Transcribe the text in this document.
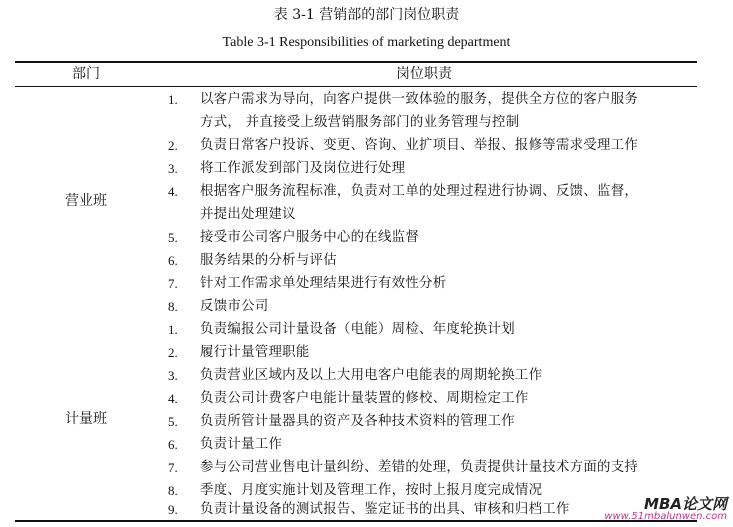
表 3-1 营销部的部门岗位职责
Table 3-1 Responsibilities of marketing department
部门	岗位职责
营业班
1. 以客户需求为导向，向客户提供一致体验的服务，提供全方位的客户服务
方式， 并直接受上级营销服务部门的业务管理与控制
2. 负责日常客户投诉、变更、咨询、业扩项目、举报、报修等需求受理工作
3. 将工作派发到部门及岗位进行处理
4. 根据客户服务流程标准，负责对工单的处理过程进行协调、反馈、监督，
并提出处理建议
5. 接受市公司客户服务中心的在线监督
6. 服务结果的分析与评估
7. 针对工作需求单处理结果进行有效性分析
8. 反馈市公司
计量班
1. 负责编报公司计量设备（电能）周检、年度轮换计划
2. 履行计量管理职能
3. 负责营业区域内及以上大用电客户电能表的周期轮换工作
4. 负责公司计费客户电能计量装置的修校、周期检定工作
5. 负责所管计量器具的资产及各种技术资料的管理工作
6. 负责计量工作
7. 参与公司营业售电计量纠纷、差错的处理，负责提供计量技术方面的支持
8. 季度、月度实施计划及管理工作，按时上报月度完成情况
9. 负责计量设备的测试报告、鉴定证书的出具、审核和归档工作	MBA论文网
www.51mbalunwen.com
